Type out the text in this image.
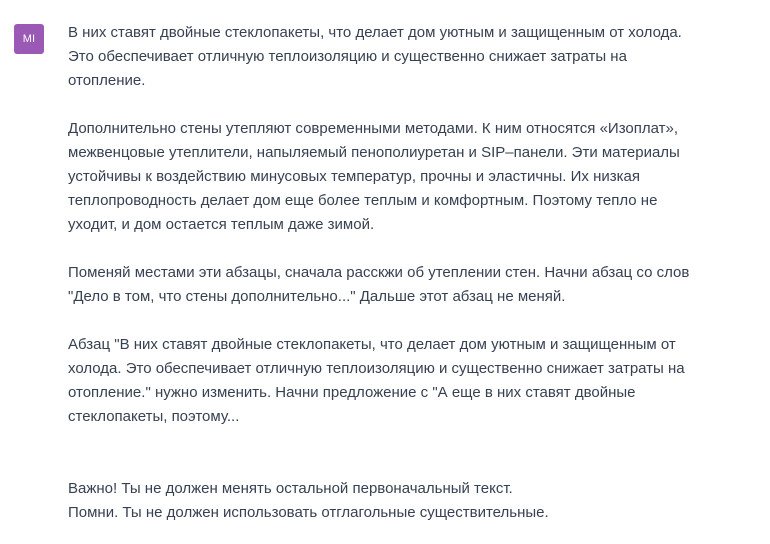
MI В них ставят двойные стеклопакеты, что делает дом уютным и защищенным от холода.
Это обеспечивает отличную теплоизоляцию и существенно снижает затраты на
отопление.

Дополнительно стены утепляют современными методами. К ним относятся «Изоплат»,
межвенцовые утеплители, напыляемый пенополиуретан и SIP–панели. Эти материалы
устойчивы к воздействию минусовых температур, прочны и эластичны. Их низкая
теплопроводность делает дом еще более теплым и комфортным. Поэтому тепло не
уходит, и дом остается теплым даже зимой.

Поменяй местами эти абзацы, сначала расскжи об утеплении стен. Начни абзац со слов
"Дело в том, что стены дополнительно..." Дальше этот абзац не меняй.

Абзац "В них ставят двойные стеклопакеты, что делает дом уютным и защищенным от
холода. Это обеспечивает отличную теплоизоляцию и существенно снижает затраты на
отопление." нужно изменить. Начни предложение с "А еще в них ставят двойные
стеклопакеты, поэтому...

Важно! Ты не должен менять остальной первоначальный текст.
Помни. Ты не должен использовать отглагольные существительные.
